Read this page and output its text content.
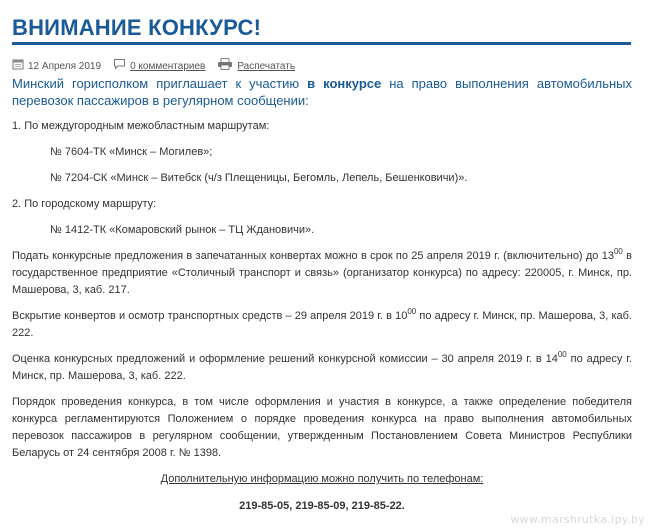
ВНИМАНИЕ КОНКУРС!
12 Апреля 2019	0 комментариев	Распечатать

Минский горисполком приглашает к участию в конкурсе на право выполнения автомобильных перевозок пассажиров в регулярном сообщении:

1. По междугородным межобластным маршрутам:

№ 7604-ТК «Минск – Могилев»;

№ 7204-СК «Минск – Витебск (ч/з Плещеницы, Бегомль, Лепель, Бешенковичи)».

2. По городскому маршруту:

№ 1412-ТК «Комаровский рынок – ТЦ Ждановичи».

Подать конкурсные предложения в запечатанных конвертах можно в срок по 25 апреля 2019 г. (включительно) до $13^{00}$ в государственное предприятие «Столичный транспорт и связь» (организатор конкурса) по адресу: 220005, г. Минск, пр. Машерова, 3, каб. 217.

Вскрытие конвертов и осмотр транспортных средств – 29 апреля 2019 г. в $10^{00}$ по адресу г. Минск, пр. Машерова, 3, каб. 222.

Оценка конкурсных предложений и оформление решений конкурсной комиссии – 30 апреля 2019 г. в $14^{00}$ по адресу г. Минск, пр. Машерова, 3, каб. 222.

Порядок проведения конкурса, в том числе оформления и участия в конкурсе, а также определение победителя конкурса регламентируются Положением о порядке проведения конкурса на право выполнения автомобильных перевозок пассажиров в регулярном сообщении, утвержденным Постановлением Совета Министров Республики Беларусь от 24 сентября 2008 г. № 1398.

Дополнительную информацию можно получить по телефонам:

219-85-05, 219-85-09, 219-85-22.

www.marshrutka.lpy.by
